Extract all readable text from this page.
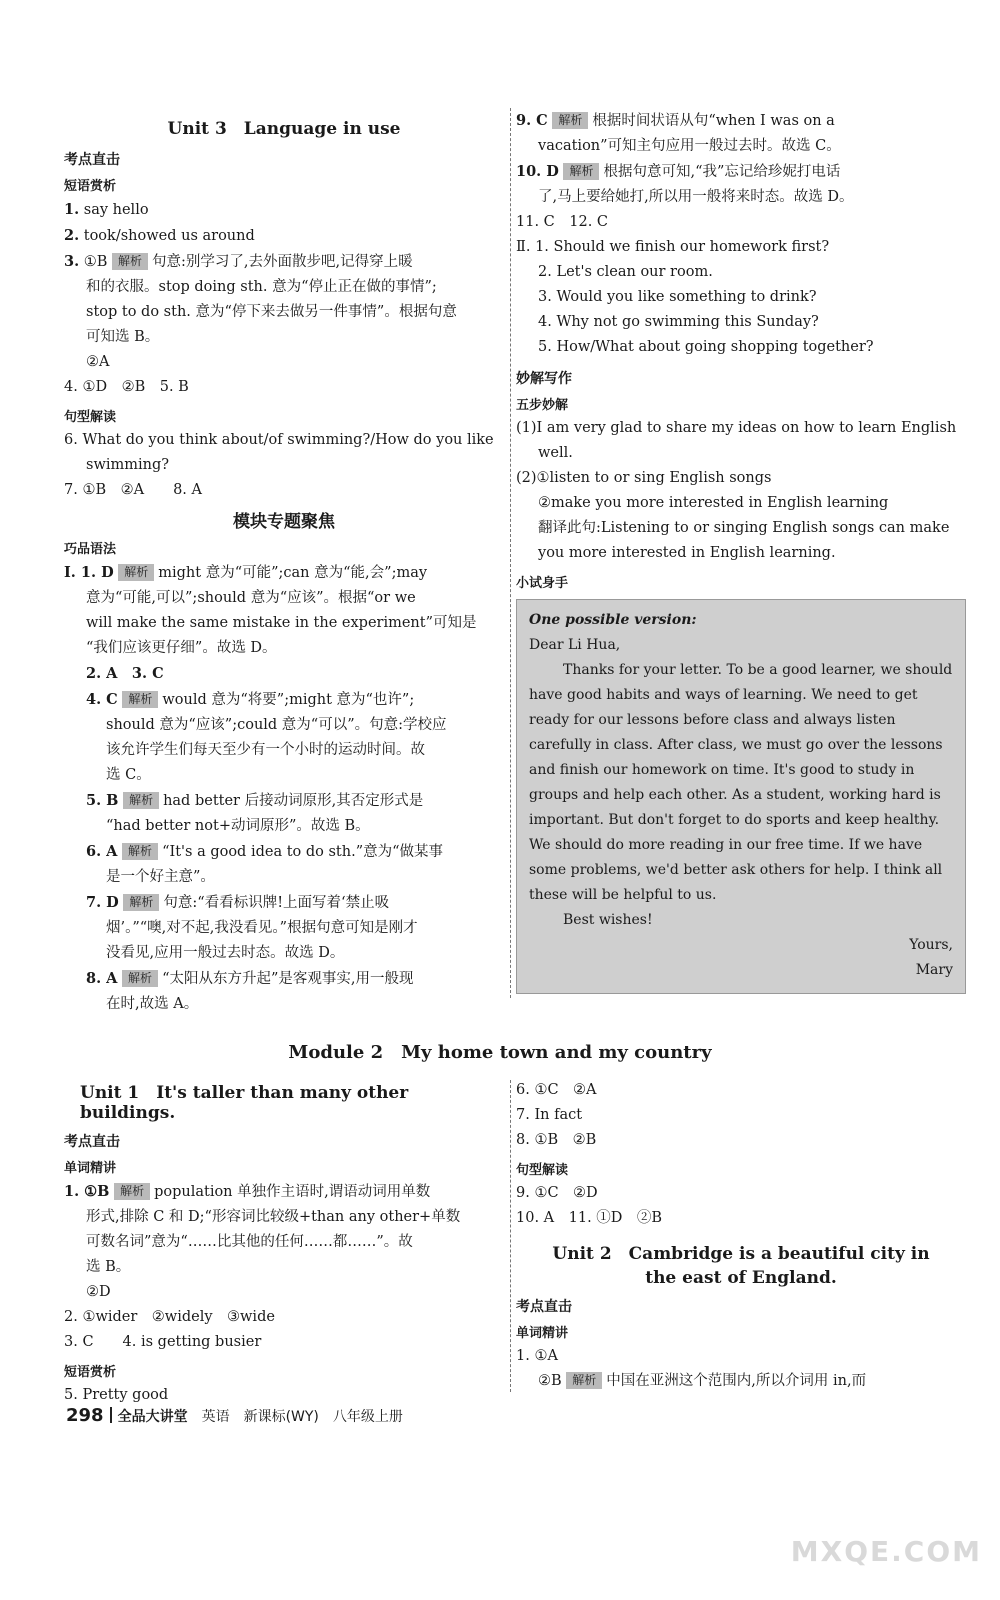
Unit 3　Language in use
考点直击
短语赏析

1. say hello

2. took/showed us around

3. ①B 解析 句意:别学习了,去外面散步吧,记得穿上暖

和的衣服。stop doing sth. 意为“停止正在做的事情”;

stop to do sth. 意为“停下来去做另一件事情”。根据句意

可知选 B。

②A

4. ①D　②B　5. B

句型解读

6. What do you think about/of swimming?/How do you like

swimming?

7. ①B　②A　　8. A

模块专题聚焦
巧品语法

Ⅰ. 1. D 解析 might 意为“可能”;can 意为“能,会”;may

意为“可能,可以”;should 意为“应该”。根据“or we

will make the same mistake in the experiment”可知是

“我们应该更仔细”。故选 D。

2. A　3. C

4. C 解析 would 意为“将要”;might 意为“也许”;

should 意为“应该”;could 意为“可以”。句意:学校应

该允许学生们每天至少有一个小时的运动时间。故

选 C。

5. B 解析 had better 后接动词原形,其否定形式是

“had better not+动词原形”。故选 B。

6. A 解析 “It's a good idea to do sth.”意为“做某事

是一个好主意”。

7. D 解析 句意:“看看标识牌!上面写着‘禁止吸

烟’。”“噢,对不起,我没看见。”根据句意可知是刚才

没看见,应用一般过去时态。故选 D。

8. A 解析 “太阳从东方升起”是客观事实,用一般现

在时,故选 A。

9. C 解析 根据时间状语从句“when I was on a

vacation”可知主句应用一般过去时。故选 C。

10. D 解析 根据句意可知,“我”忘记给珍妮打电话

了,马上要给她打,所以用一般将来时态。故选 D。

11. C　12. C

Ⅱ. 1. Should we finish our homework first?

2. Let's clean our room.

3. Would you like something to drink?

4. Why not go swimming this Sunday?

5. How/What about going shopping together?

妙解写作
五步妙解

(1)I am very glad to share my ideas on how to learn English

well.

(2)①listen to or sing English songs

②make you more interested in English learning

翻译此句:Listening to or singing English songs can make

you more interested in English learning.

小试身手

One possible version:

Dear Li Hua,

Thanks for your letter. To be a good learner, we should have good habits and ways of learning. We need to get ready for our lessons before class and always listen carefully in class. After class, we must go over the lessons and finish our homework on time. It's good to study in groups and help each other. As a student, working hard is important. But don't forget to do sports and keep healthy. We should do more reading in our free time. If we have some problems, we'd better ask others for help. I think all these will be helpful to us.

Best wishes!

Yours,

Mary

Module 2　My home town and my country
Unit 1　It's taller than many other buildings.
考点直击
单词精讲

1. ①B 解析 population 单独作主语时,谓语动词用单数

形式,排除 C 和 D;“形容词比较级+than any other+单数

可数名词”意为“……比其他的任何……都……”。故

选 B。

②D

2. ①wider　②widely　③wide

3. C　　4. is getting busier

短语赏析

5. Pretty good

6. ①C　②A

7. In fact

8. ①B　②B

句型解读

9. ①C　②D

10. A　11. ①D　②B

Unit 2　Cambridge is a beautiful city in
the east of England.
考点直击
单词精讲

1. ①A

②B 解析 中国在亚洲这个范围内,所以介词用 in,而

298 全品大讲堂 英语 新课标(WY) 八年级上册
MXQE.COM
